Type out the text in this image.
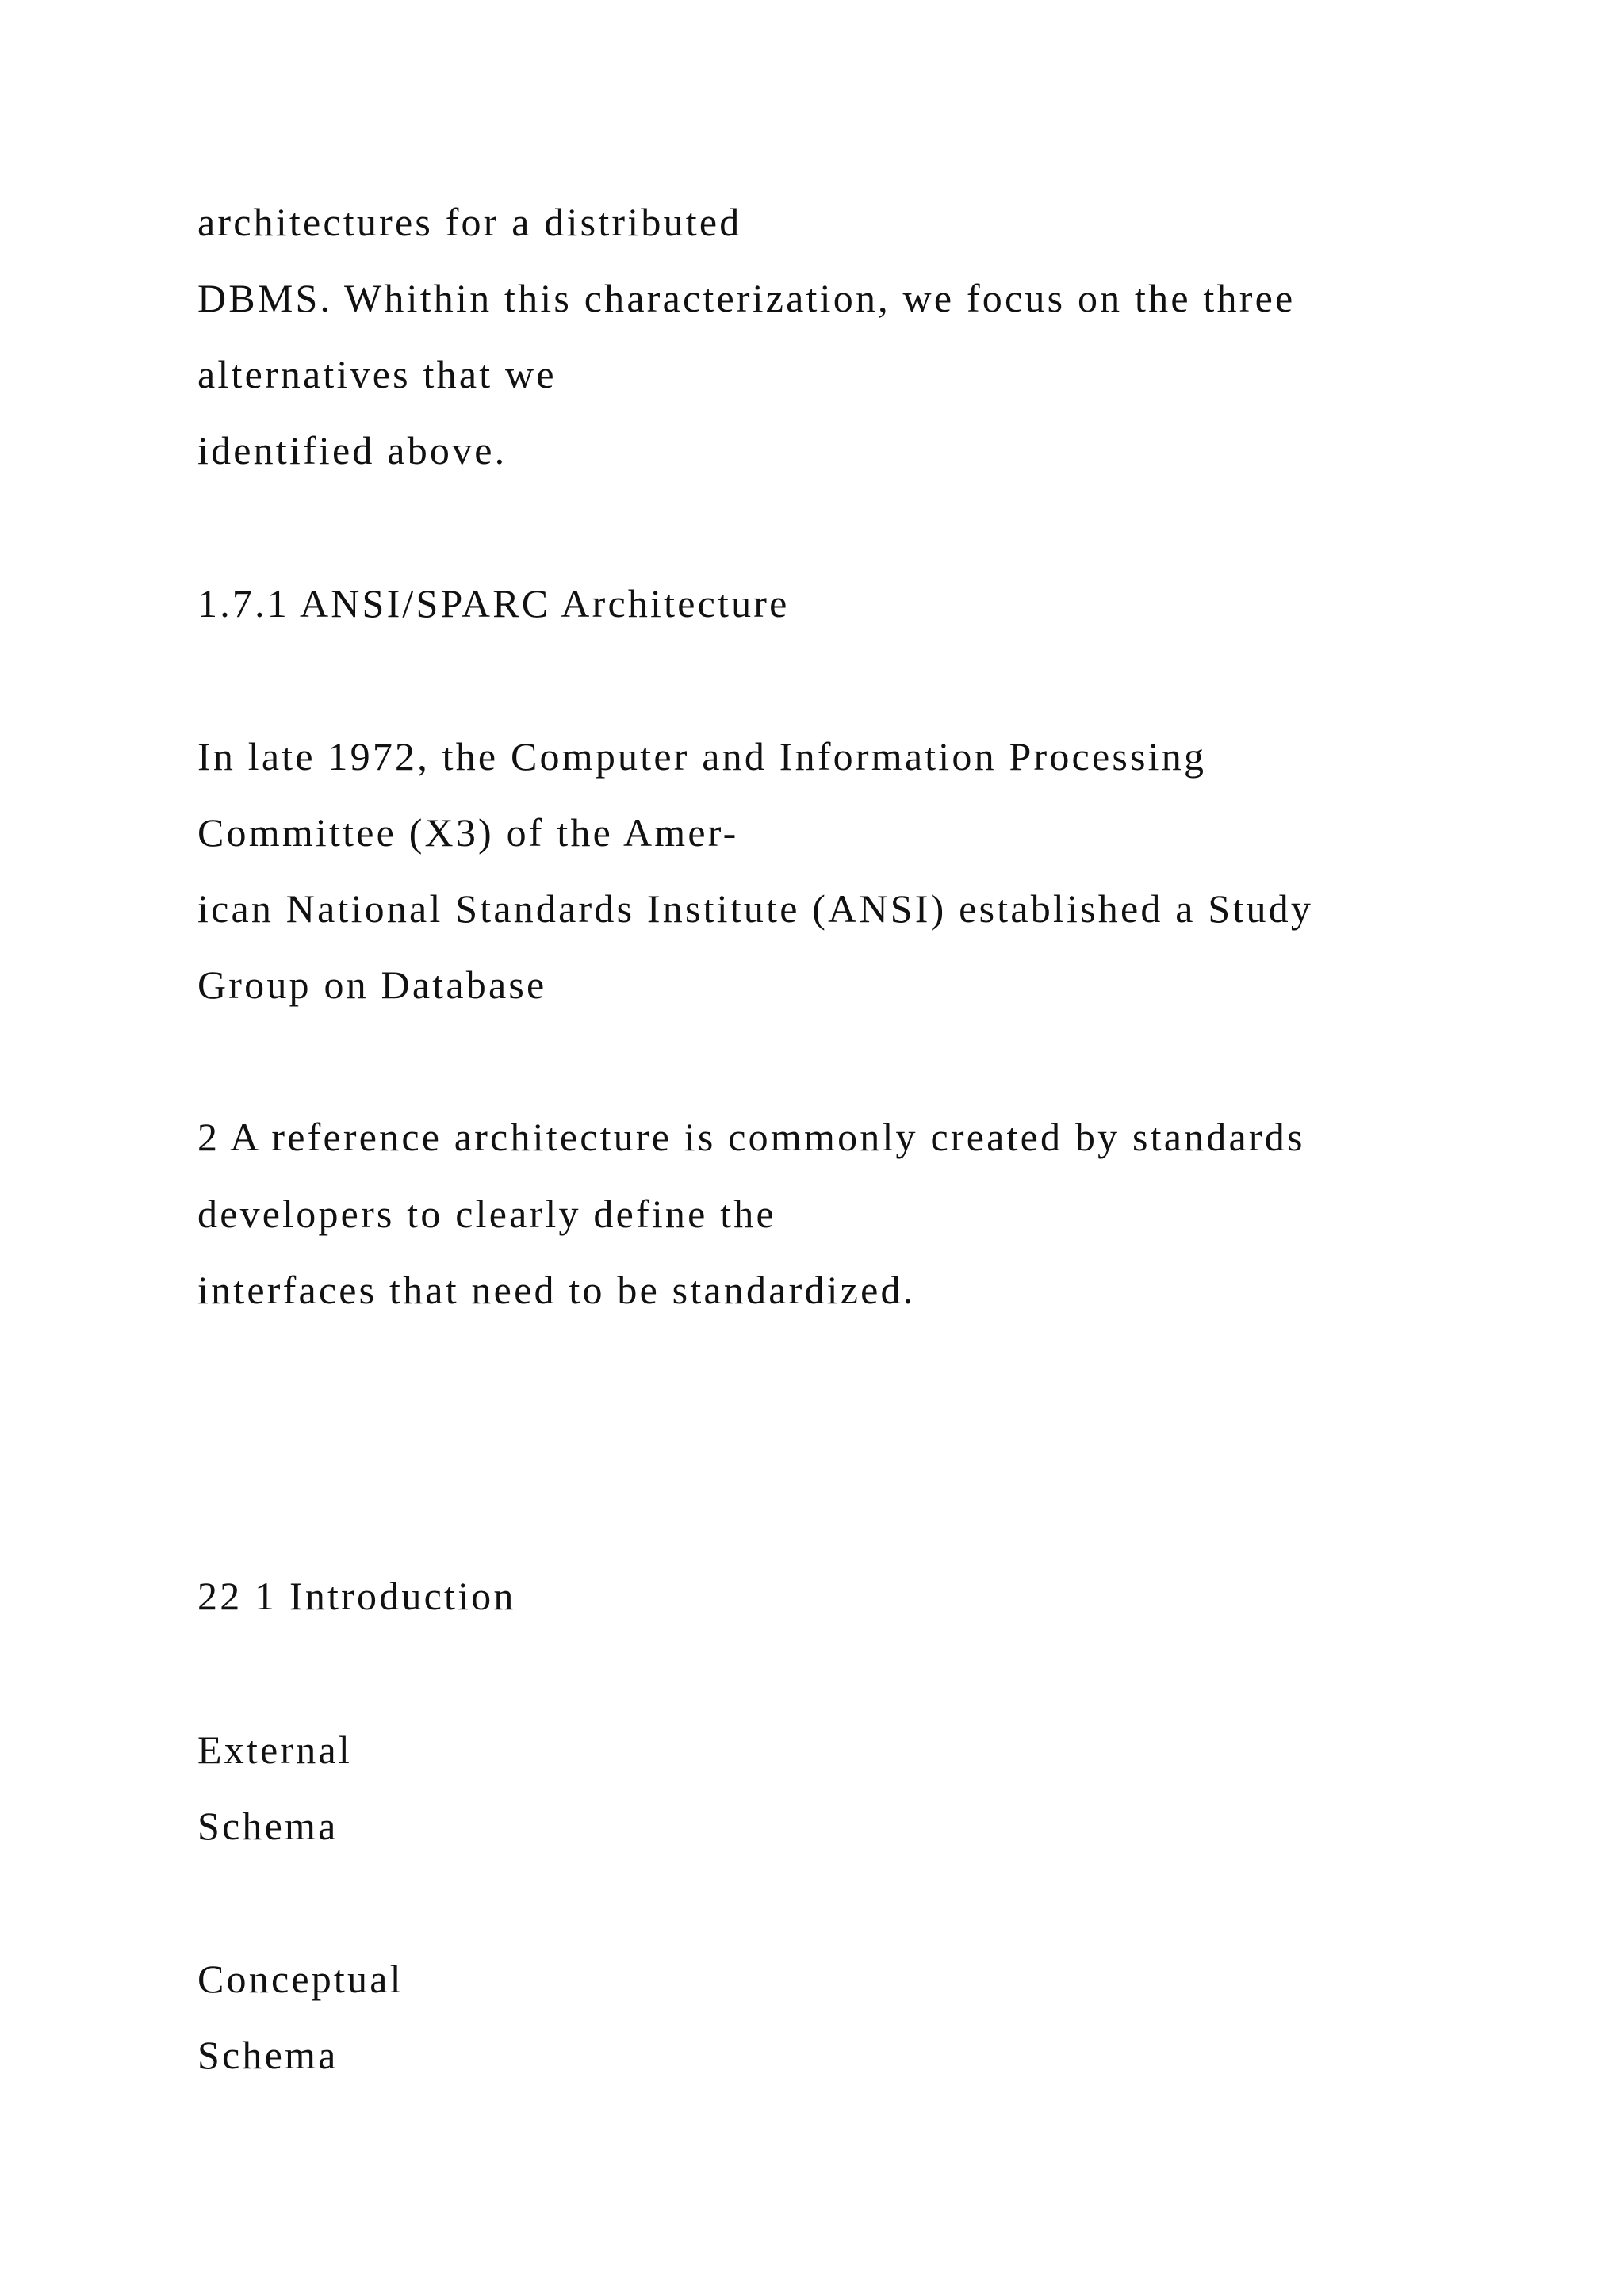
architectures for a distributed

DBMS. Whithin this characterization, we focus on the three

alternatives that we

identified above.

1.7.1 ANSI/SPARC Architecture

In late 1972, the Computer and Information Processing

Committee (X3) of the Amer-

ican National Standards Institute (ANSI) established a Study

Group on Database

2 A reference architecture is commonly created by standards

developers to clearly define the

interfaces that need to be standardized.

22 1 Introduction

External

Schema

Conceptual

Schema
